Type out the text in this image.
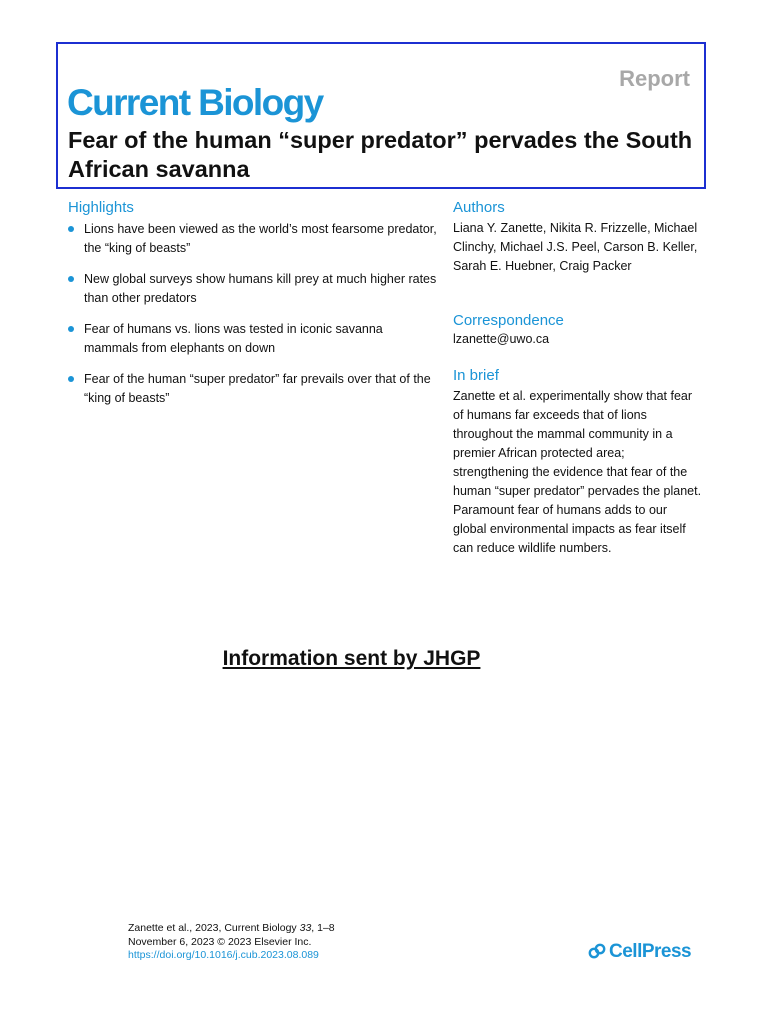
Report
Current Biology
Fear of the human “super predator” pervades the South African savanna
Highlights
Lions have been viewed as the world’s most fearsome predator, the “king of beasts”
New global surveys show humans kill prey at much higher rates than other predators
Fear of humans vs. lions was tested in iconic savanna mammals from elephants on down
Fear of the human “super predator” far prevails over that of the “king of beasts”
Authors
Liana Y. Zanette, Nikita R. Frizzelle, Michael Clinchy, Michael J.S. Peel, Carson B. Keller, Sarah E. Huebner, Craig Packer
Correspondence
lzanette@uwo.ca
In brief
Zanette et al. experimentally show that fear of humans far exceeds that of lions throughout the mammal community in a premier African protected area; strengthening the evidence that fear of the human “super predator” pervades the planet. Paramount fear of humans adds to our global environmental impacts as fear itself can reduce wildlife numbers.
Information sent by JHGP
Zanette et al., 2023, Current Biology 33, 1–8
November 6, 2023 © 2023 Elsevier Inc.
https://doi.org/10.1016/j.cub.2023.08.089	CellPress
